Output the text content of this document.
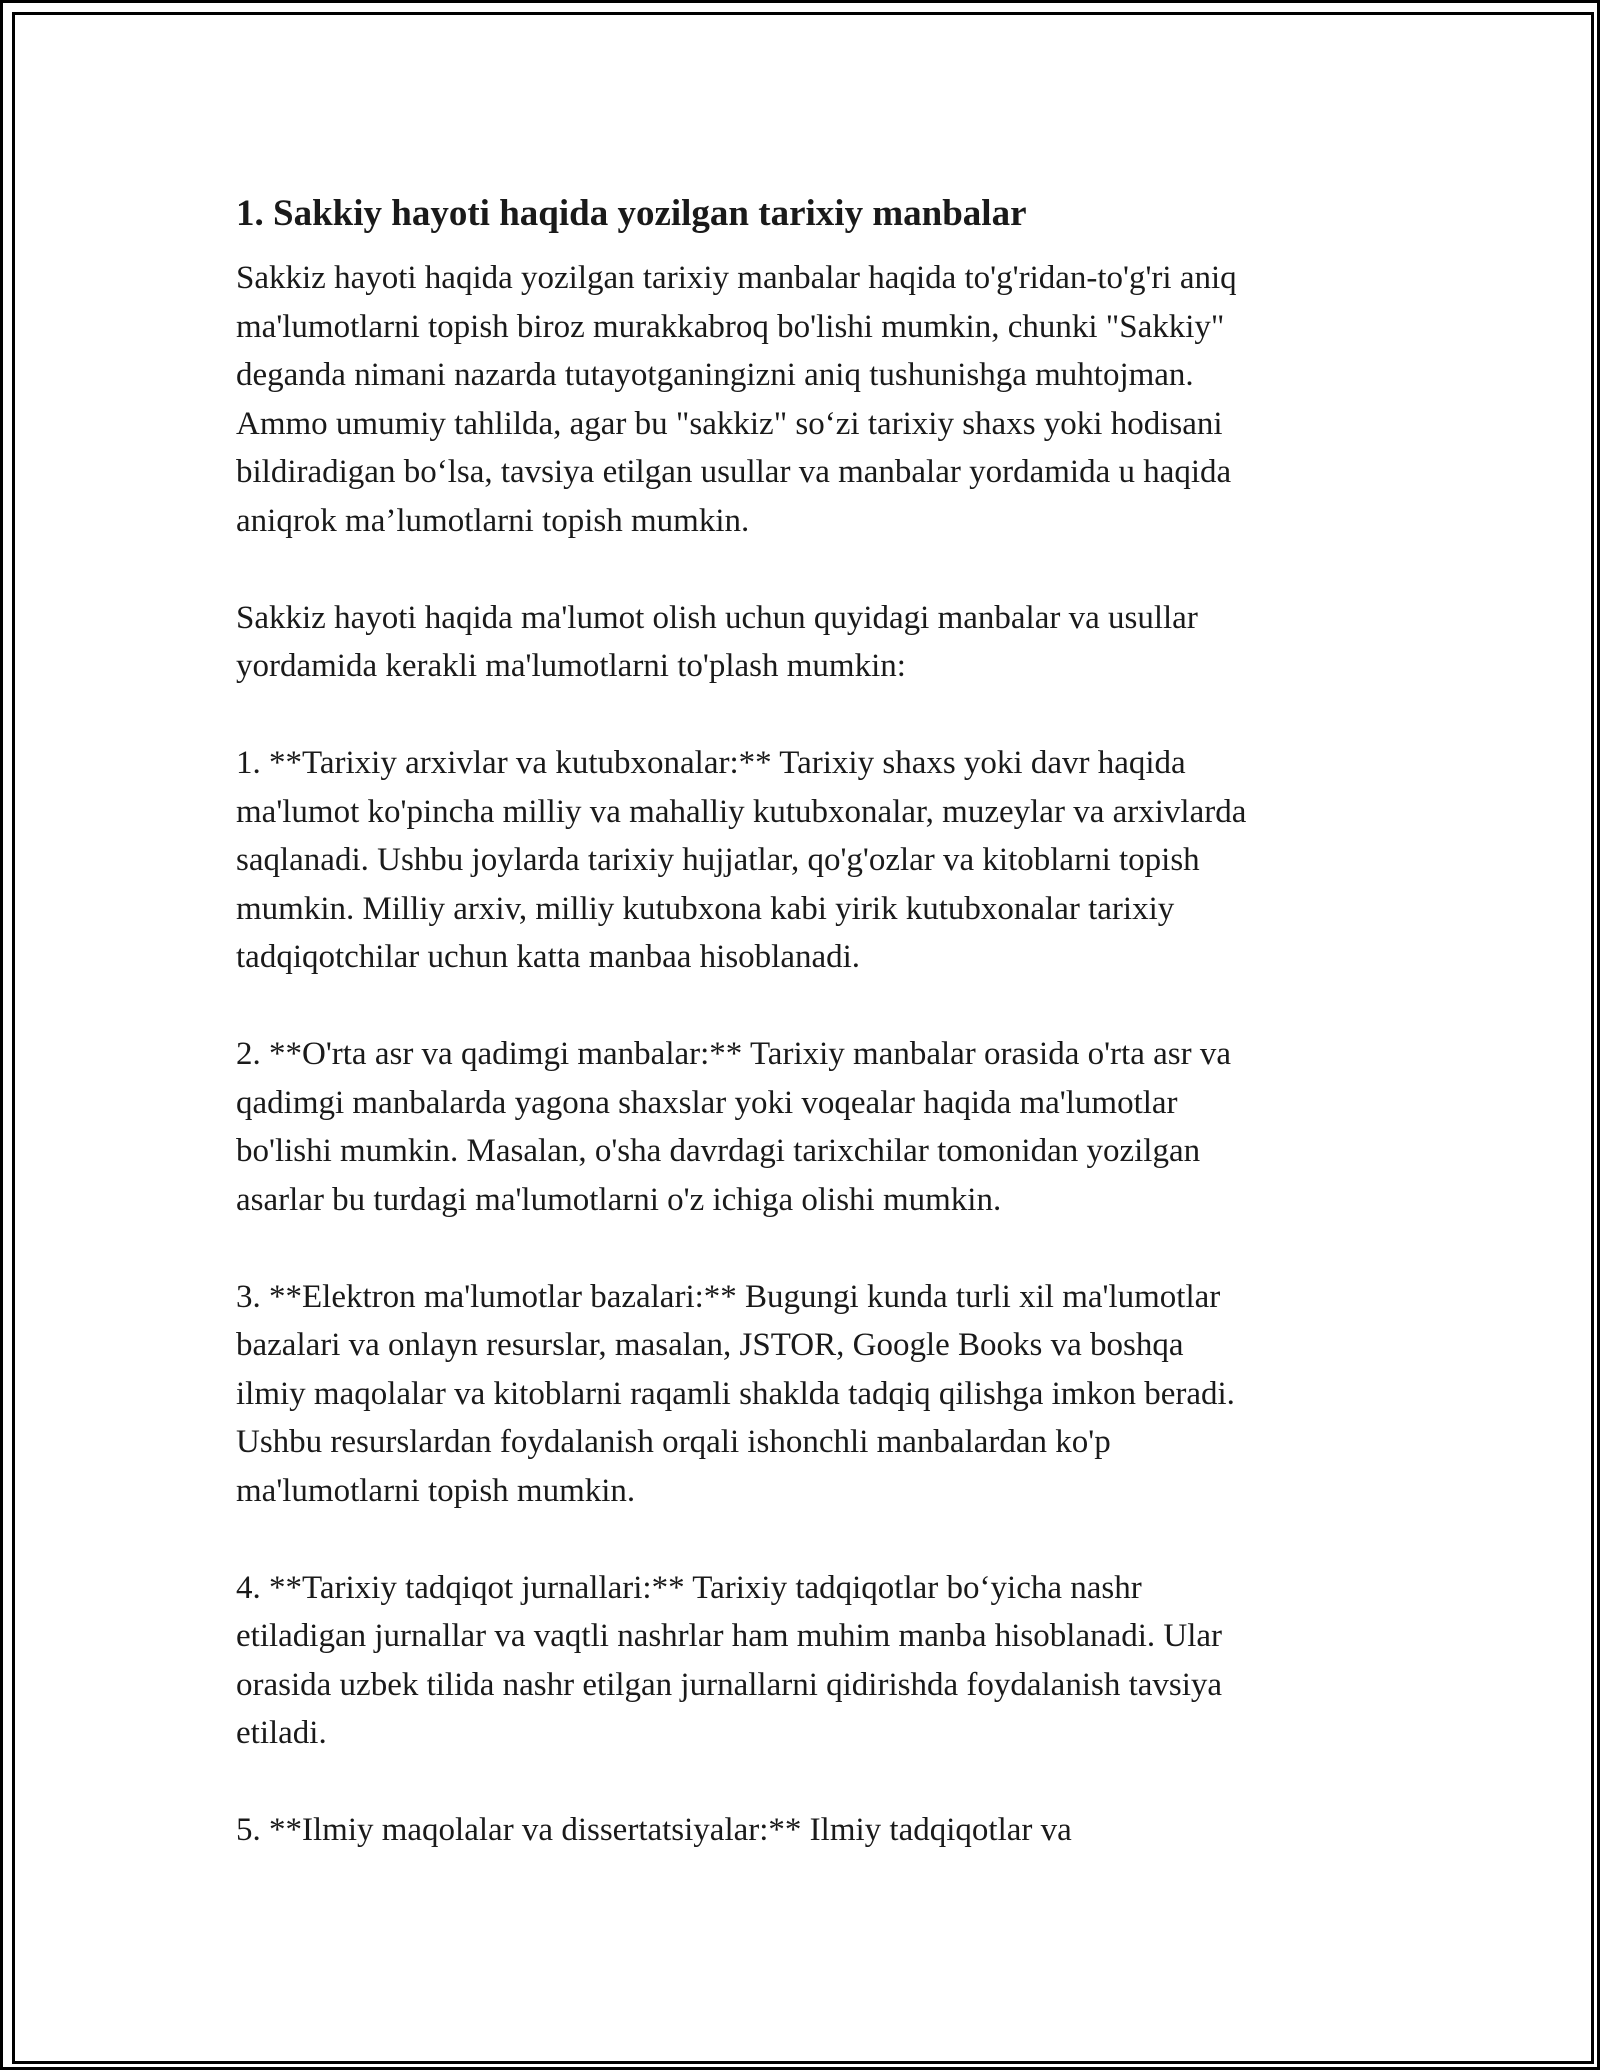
1. Sakkiy hayoti haqida yozilgan tarixiy manbalar
Sakkiz hayoti haqida yozilgan tarixiy manbalar haqida to'g'ridan-to'g'ri aniq
ma'lumotlarni topish biroz murakkabroq bo'lishi mumkin, chunki "Sakkiy"
deganda nimani nazarda tutayotganingizni aniq tushunishga muhtojman.
Ammo umumiy tahlilda, agar bu "sakkiz" so‘zi tarixiy shaxs yoki hodisani
bildiradigan bo‘lsa, tavsiya etilgan usullar va manbalar yordamida u haqida
aniqrok ma’lumotlarni topish mumkin.
Sakkiz hayoti haqida ma'lumot olish uchun quyidagi manbalar va usullar
yordamida kerakli ma'lumotlarni to'plash mumkin:
1. **Tarixiy arxivlar va kutubxonalar:** Tarixiy shaxs yoki davr haqida
ma'lumot ko'pincha milliy va mahalliy kutubxonalar, muzeylar va arxivlarda
saqlanadi. Ushbu joylarda tarixiy hujjatlar, qo'g'ozlar va kitoblarni topish
mumkin. Milliy arxiv, milliy kutubxona kabi yirik kutubxonalar tarixiy
tadqiqotchilar uchun katta manbaa hisoblanadi.
2. **O'rta asr va qadimgi manbalar:** Tarixiy manbalar orasida o'rta asr va
qadimgi manbalarda yagona shaxslar yoki voqealar haqida ma'lumotlar
bo'lishi mumkin. Masalan, o'sha davrdagi tarixchilar tomonidan yozilgan
asarlar bu turdagi ma'lumotlarni o'z ichiga olishi mumkin.
3. **Elektron ma'lumotlar bazalari:** Bugungi kunda turli xil ma'lumotlar
bazalari va onlayn resurslar, masalan, JSTOR, Google Books va boshqa
ilmiy maqolalar va kitoblarni raqamli shakldа tadqiq qilishga imkon beradi.
Ushbu resurslardan foydalanish orqali ishonchli manbalardan ko'p
ma'lumotlarni topish mumkin.
4. **Tarixiy tadqiqot jurnallari:** Tarixiy tadqiqotlar bo‘yicha nashr
etiladigan jurnallar va vaqtli nashrlar ham muhim manba hisoblanadi. Ular
orasida uzbek tilida nashr etilgan jurnallarni qidirishda foydalanish tavsiya
etiladi.
5. **Ilmiy maqolalar va dissertatsiyalar:** Ilmiy tadqiqotlar va
